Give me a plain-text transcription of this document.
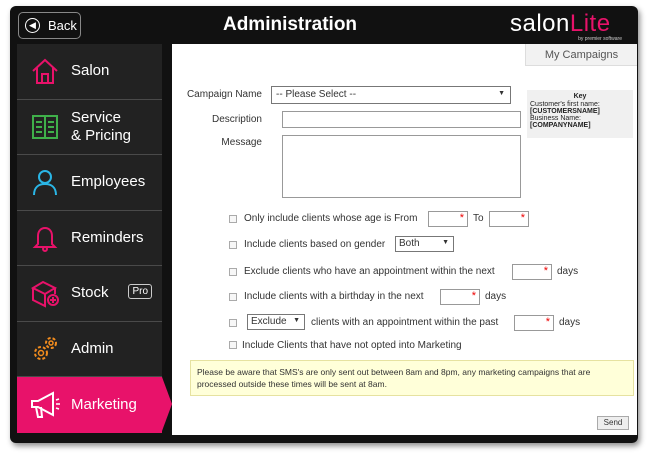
◀ Back	Administration	salonLite
by premier software
Salon
Service
& Pricing
Employees
Reminders
Stock	Pro
Admin
Marketing
My Campaigns
Campaign Name	-- Please Select --	▼
Description
Message
Key
Customer's first name:
[CUSTOMERSNAME]
Business Name:
[COMPANYNAME]
Only include clients whose age is From	* To	*
Include clients based on gender	Both	▼
Exclude clients who have an appointment within the next	* days
Include clients with a birthday in the next	* days
Exclude ▼ clients with an appointment within the past	* days
Include Clients that have not opted into Marketing
Please be aware that SMS's are only sent out between 8am and 8pm, any marketing campaigns that are processed outside these times will be sent at 8am.
Send
